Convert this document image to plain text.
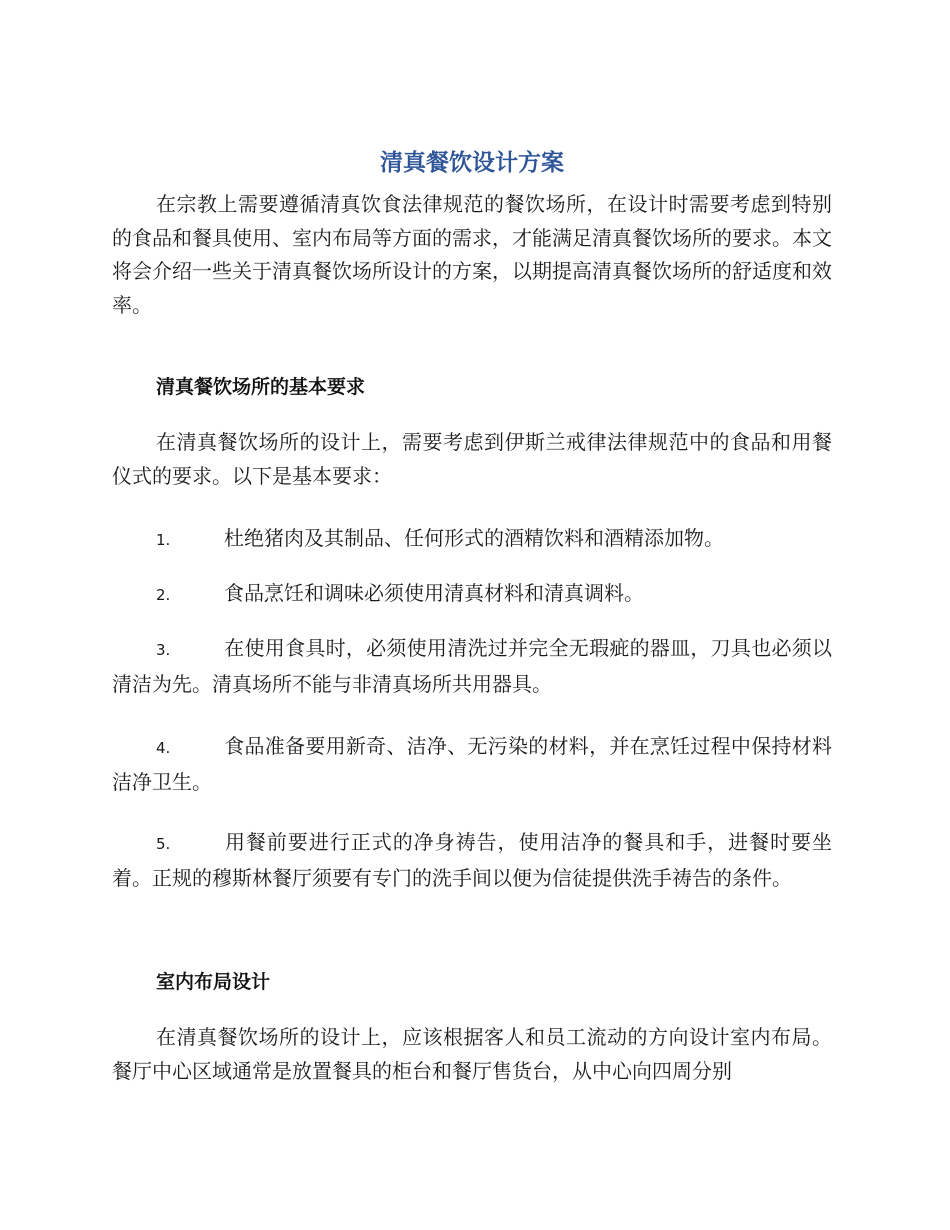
清真餐饮设计方案

在宗教上需要遵循清真饮食法律规范的餐饮场所，在设计时需要考虑到特别的食品和餐具使用、室内布局等方面的需求，才能满足清真餐饮场所的要求。本文将会介绍一些关于清真餐饮场所设计的方案，以期提高清真餐饮场所的舒适度和效率。

清真餐饮场所的基本要求

在清真餐饮场所的设计上，需要考虑到伊斯兰戒律法律规范中的食品和用餐仪式的要求。以下是基本要求：

1.	杜绝猪肉及其制品、任何形式的酒精饮料和酒精添加物。

2.	食品烹饪和调味必须使用清真材料和清真调料。

3.	在使用食具时，必须使用清洗过并完全无瑕疵的器皿，刀具也必须以清洁为先。清真场所不能与非清真场所共用器具。

4.	食品准备要用新奇、洁净、无污染的材料，并在烹饪过程中保持材料洁净卫生。

5.	用餐前要进行正式的净身祷告，使用洁净的餐具和手，进餐时要坐着。正规的穆斯林餐厅须要有专门的洗手间以便为信徒提供洗手祷告的条件。

室内布局设计

在清真餐饮场所的设计上，应该根据客人和员工流动的方向设计室内布局。餐厅中心区域通常是放置餐具的柜台和餐厅售货台，从中心向四周分别
